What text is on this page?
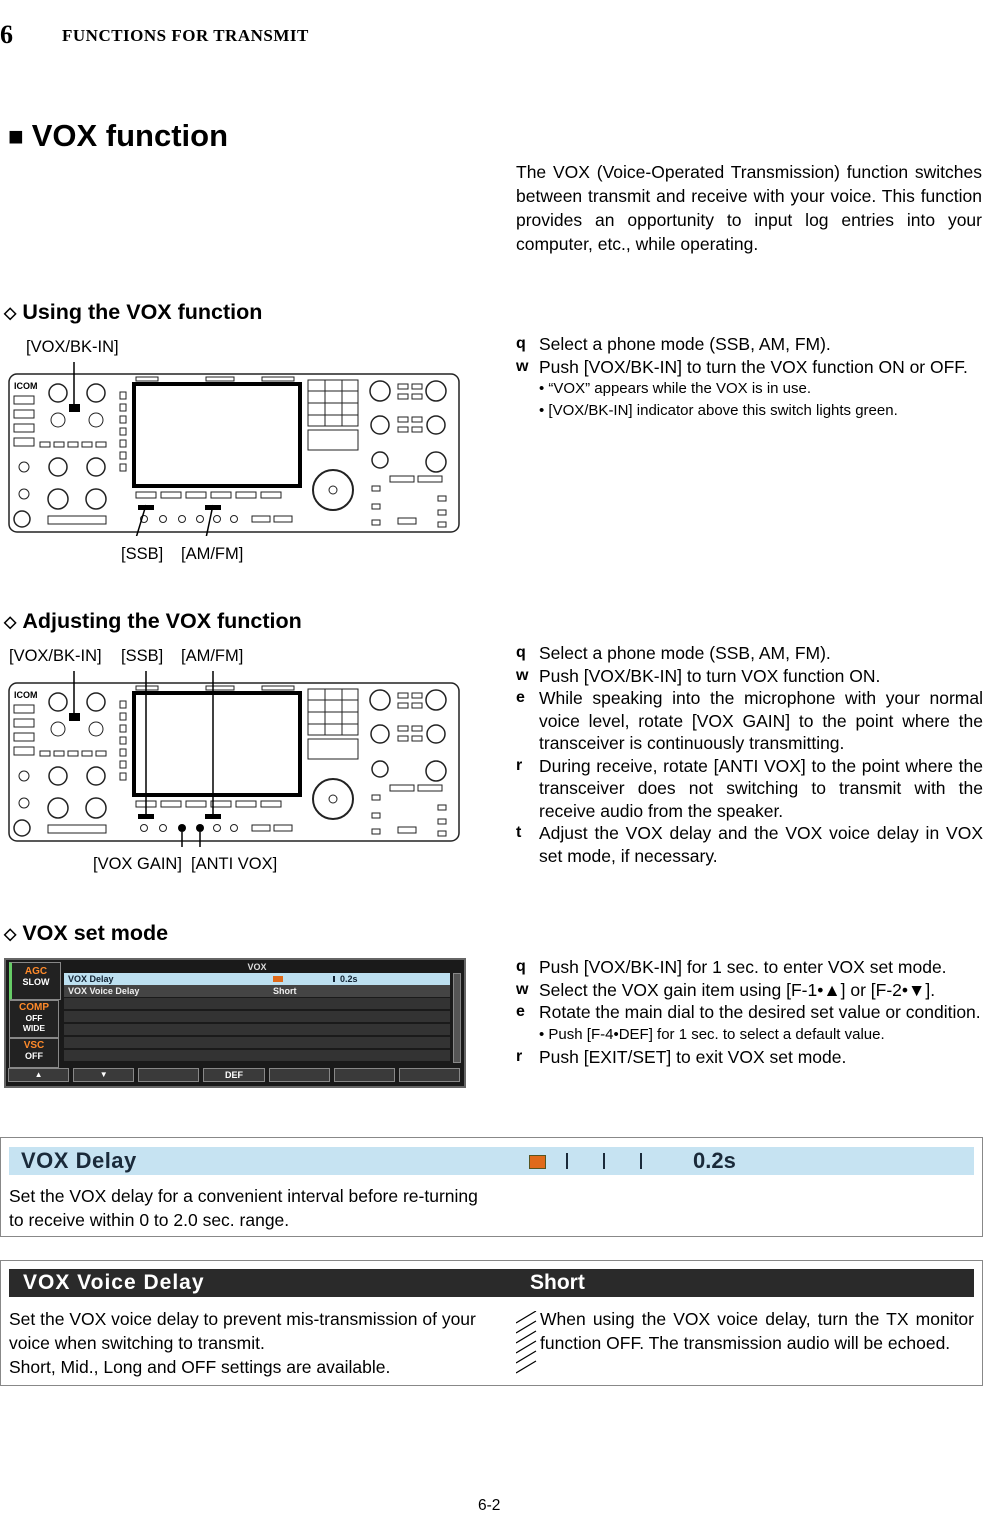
6	FUNCTIONS FOR TRANSMIT
■ VOX function
The VOX (Voice-Operated Transmission) function switches between transmit and receive with your voice. This function provides an opportunity to input log entries into your computer, etc., while operating.
◇ Using the VOX function
[VOX/BK-IN]
[SSB] [AM/FM]
ICOM
q Select a phone mode (SSB, AM, FM).
w Push [VOX/BK-IN] to turn the VOX function ON or OFF.
• “VOX” appears while the VOX is in use.
• [VOX/BK-IN] indicator above this switch lights green.
◇ Adjusting the VOX function
[VOX/BK-IN] [SSB] [AM/FM]
[VOX GAIN] [ANTI VOX]
ICOM
q Select a phone mode (SSB, AM, FM).
w Push [VOX/BK-IN] to turn VOX function ON.
e While speaking into the microphone with your normal voice level, rotate [VOX GAIN] to the point where the transceiver is continuously transmitting.
r During receive, rotate [ANTI VOX] to the point where the transceiver does not switching to transmit with the receive audio from the speaker.
t	Adjust the VOX delay and the VOX voice delay in VOX set mode, if necessary.
◇ VOX set mode
AGC
SLOW
COMP
OFF
WIDE
VSC
OFF
VOX
VOX Delay	0.2s
VOX Voice Delay	Short
▲	▼	DEF
q Push [VOX/BK-IN] for 1 sec. to enter VOX set mode.
w Select the VOX gain item using [F-1•▲] or [F-2•▼].
e Rotate the main dial to the desired set value or condition.
• Push [F-4•DEF] for 1 sec. to select a default value.
r Push [EXIT/SET] to exit VOX set mode.
VOX Delay	0.2s
Set the VOX delay for a convenient interval before re-turning to receive within 0 to 2.0 sec. range.
VOX Voice Delay	Short
Set the VOX voice delay to prevent mis-transmission of your voice when switching to transmit.
Short, Mid., Long and OFF settings are available.
When using the VOX voice delay, turn the TX monitor function OFF. The transmission audio will be echoed.
6-2
